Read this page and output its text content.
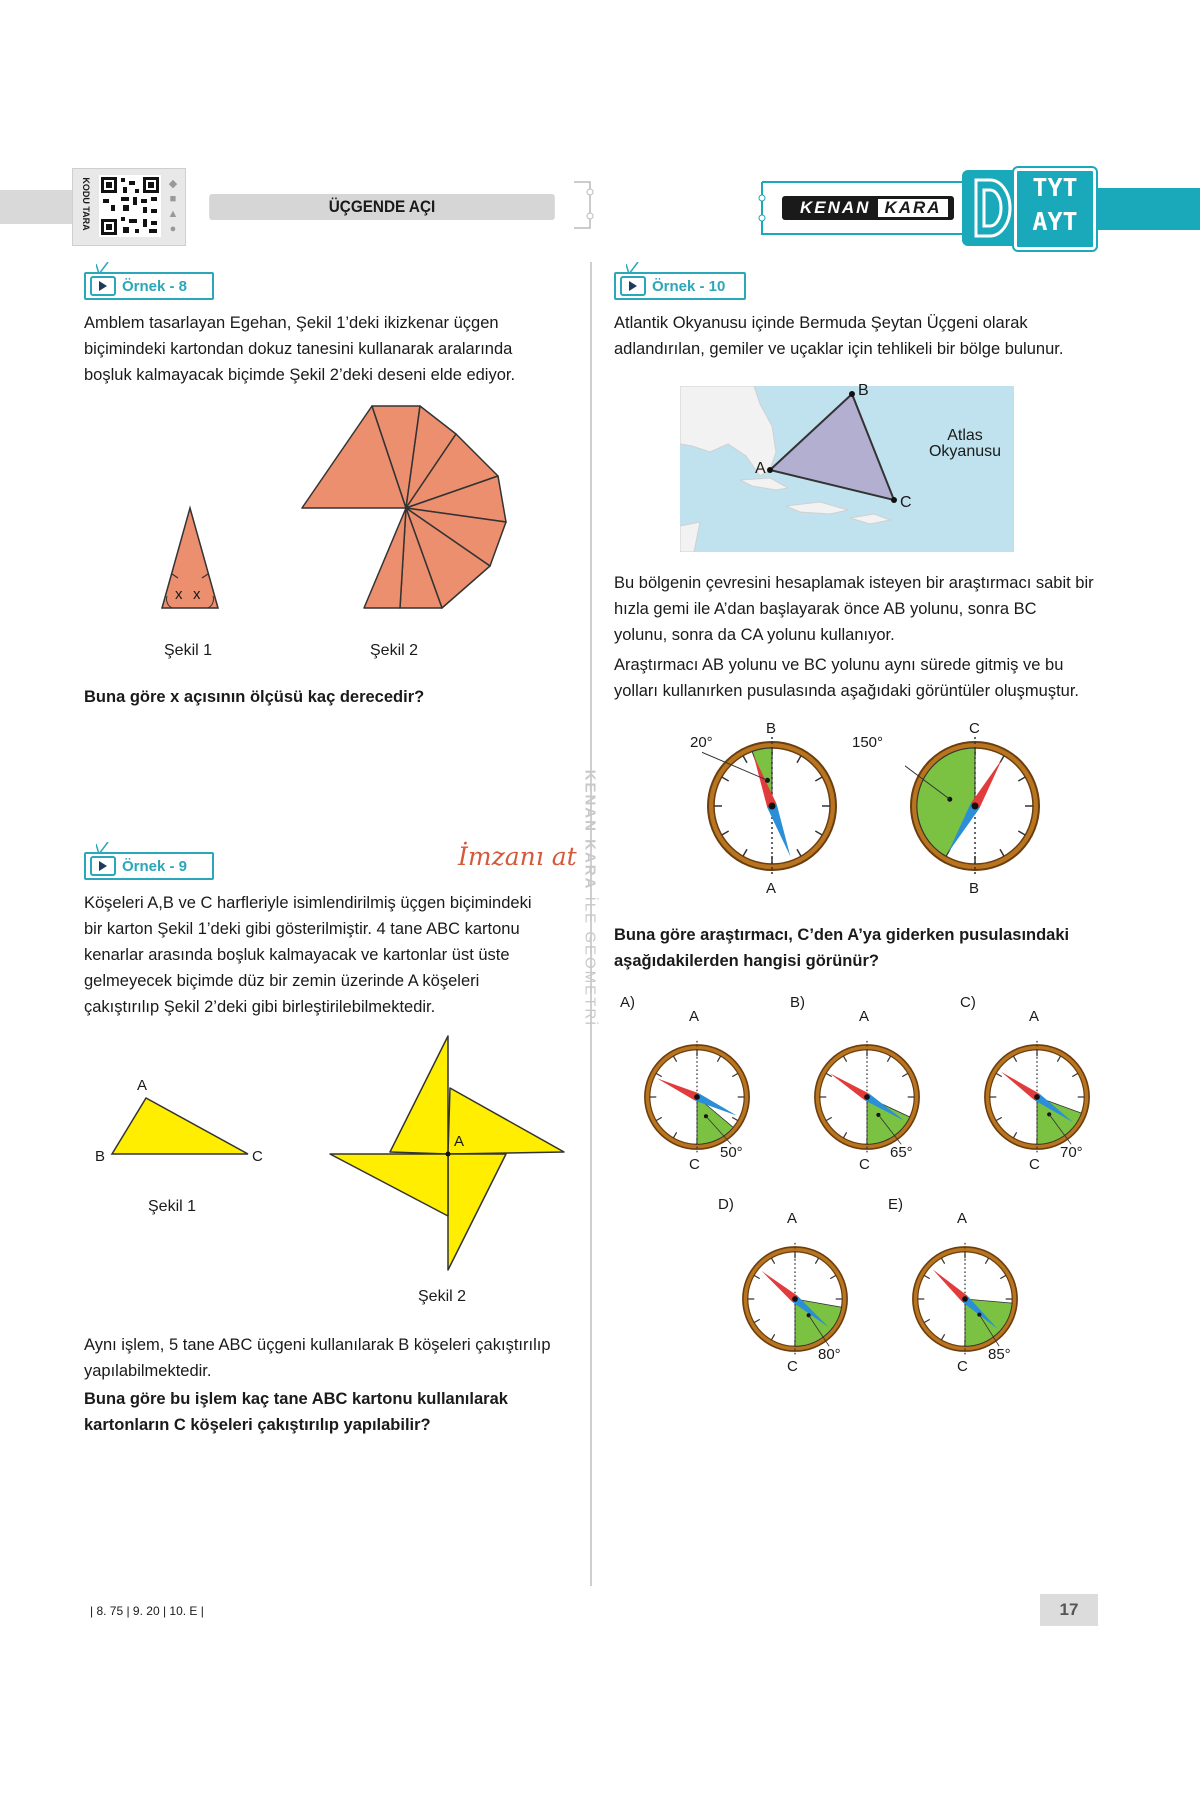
KODU TARA	◆
■
▲
●
ÜÇGENDE AÇI	KENAN KARA
TYT
AYT
KENAN KARA İLE GEOMETRİ
Örnek - 8

Amblem tasarlayan Egehan, Şekil 1’deki ikizkenar üçgen biçimindeki kartondan dokuz tanesini kullanarak aralarında boşluk kalmayacak biçimde Şekil 2’deki deseni elde ediyor.

x x
Şekil 1	Şekil 2

Buna göre x açısının ölçüsü kaç derecedir?

Örnek - 9	İmzanı at

Köşeleri A,B ve C harfleriyle isimlendirilmiş üçgen biçimindeki bir karton Şekil 1’deki gibi gösterilmiştir. 4 tane ABC kartonu kenarlar arasında boşluk kalmayacak ve kartonlar üst üste gelmeyecek biçimde düz bir zemin üzerinde A köşeleri çakıştırılıp Şekil 2’deki gibi birleştirilebilmektedir.

A
B	C
A
Şekil 1
Şekil 2

Aynı işlem, 5 tane ABC üçgeni kullanılarak B köşeleri çakıştırılıp yapılabilmektedir.

Buna göre bu işlem kaç tane ABC kartonu kullanılarak kartonların C köşeleri çakıştırılıp yapılabilir?

Örnek - 10

Atlantik Okyanusu içinde Bermuda Şeytan Üçgeni olarak adlandırılan, gemiler ve uçaklar için tehlikeli bir bölge bulunur.

A
B
C
Atlas
Okyanusu

Bu bölgenin çevresini hesaplamak isteyen bir araştırmacı sabit bir hızla gemi ile A’dan başlayarak önce AB yolunu, sonra BC yolunu, sonra da CA yolunu kullanıyor.

Araştırmacı AB yolunu ve BC yolunu aynı sürede gitmiş ve bu yolları kullanırken pusulasında aşağıdaki görüntüler oluşmuştur.

20°
B
A
150°
C
B

Buna göre araştırmacı, C’den A’ya giderken pusulasındaki aşağıdakilerden hangisi görünür?

A)
A
C
50°
B)
A
C
65°
C)
A
C
70°
D)
A
C
80°
E)
A
C
85°
| 8. 75 | 9. 20 | 10. E |	17
